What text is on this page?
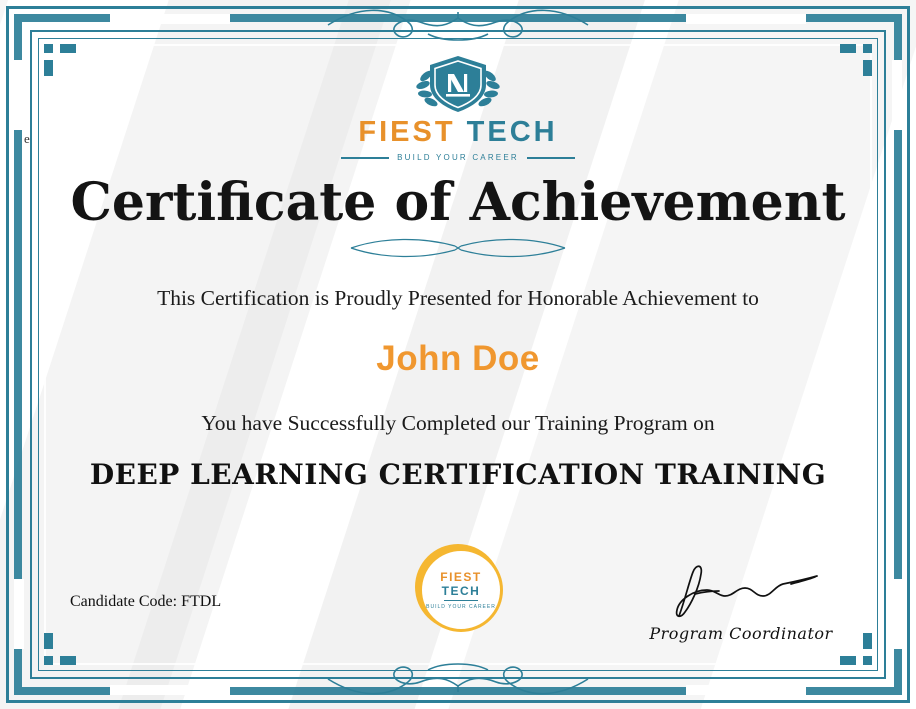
e	FIEST TECH
BUILD YOUR CAREER
Certificate of Achievement
This Certification is Proudly Presented for Honorable Achievement to
John Doe
You have Successfully Completed our Training Program on
DEEP LEARNING CERTIFICATION TRAINING
Candidate Code: FTDL
FIEST
TECH
BUILD YOUR CAREER
Program Coordinator
